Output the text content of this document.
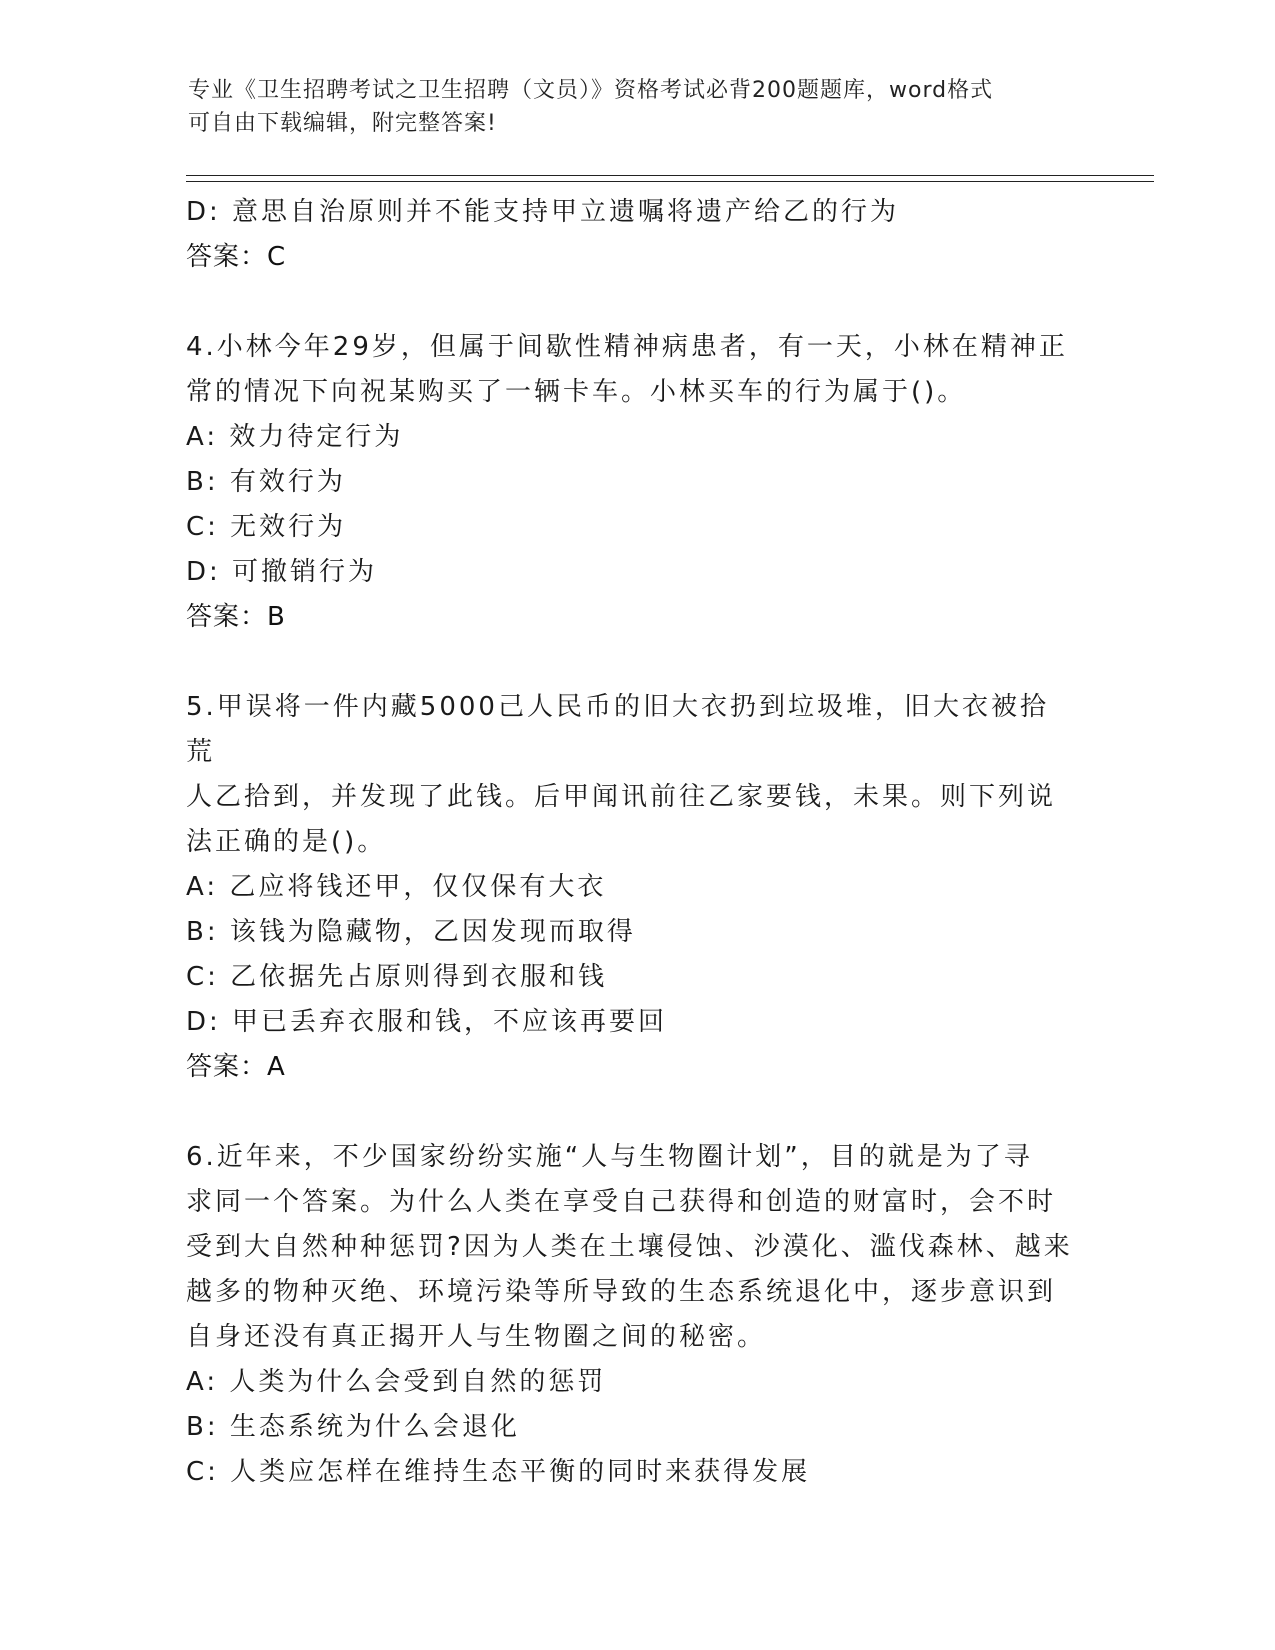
专业《卫生招聘考试之卫生招聘（文员）》资格考试必背200题题库，word格式
可自由下载编辑，附完整答案!
D: 意思自治原则并不能支持甲立遗嘱将遗产给乙的行为
答案：C
4.小林今年29岁，但属于间歇性精神病患者，有一天，小林在精神正
常的情况下向祝某购买了一辆卡车。小林买车的行为属于()。
A: 效力待定行为
B: 有效行为
C: 无效行为
D: 可撤销行为
答案：B
5.甲误将一件内藏5000己人民币的旧大衣扔到垃圾堆，旧大衣被拾荒
人乙拾到，并发现了此钱。后甲闻讯前往乙家要钱，未果。则下列说
法正确的是()。
A: 乙应将钱还甲，仅仅保有大衣
B: 该钱为隐藏物，乙因发现而取得
C: 乙依据先占原则得到衣服和钱
D: 甲已丢弃衣服和钱，不应该再要回
答案：A
6.近年来，不少国家纷纷实施“人与生物圈计划”，目的就是为了寻
求同一个答案。为什么人类在享受自己获得和创造的财富时，会不时
受到大自然种种惩罚?因为人类在土壤侵蚀、沙漠化、滥伐森林、越来
越多的物种灭绝、环境污染等所导致的生态系统退化中，逐步意识到
自身还没有真正揭开人与生物圈之间的秘密。
A: 人类为什么会受到自然的惩罚
B: 生态系统为什么会退化
C: 人类应怎样在维持生态平衡的同时来获得发展
